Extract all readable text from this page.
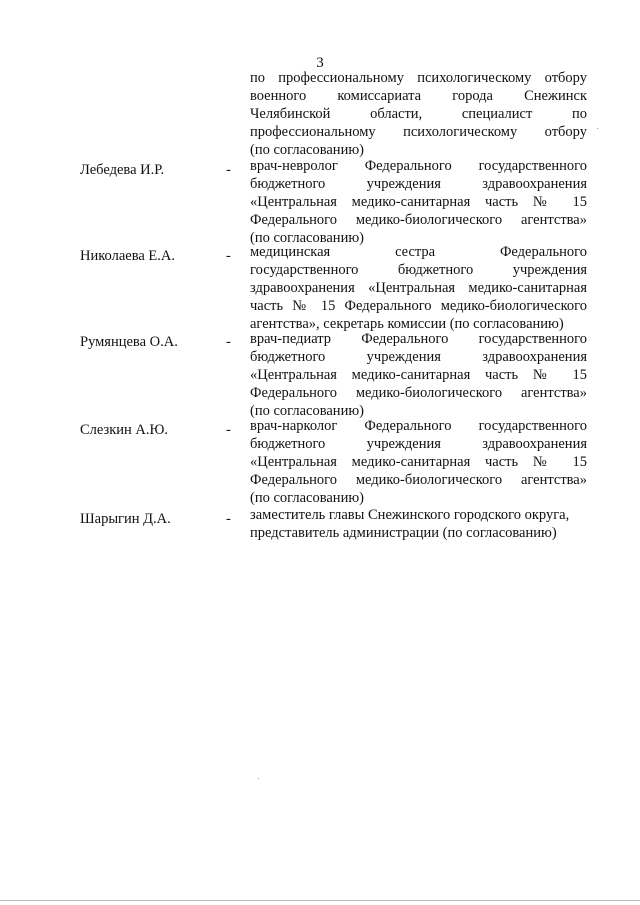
3
по профессиональному психологическому отбору
военного комиссариата города Снежинск
Челябинской области, специалист по
профессиональному психологическому отбору
(по согласованию)
Лебедева И.Р.	- врач-невролог Федерального государственного
бюджетного учреждения здравоохранения
«Центральная медико-санитарная часть № 15
Федерального медико-биологического агентства»
(по согласованию)
Николаева Е.А.	- медицинская сестра Федерального
государственного бюджетного учреждения
здравоохранения «Центральная медико-санитарная
часть № 15 Федерального медико-биологического
агентства», секретарь комиссии (по согласованию)
Румянцева О.А.	- врач-педиатр Федерального государственного
бюджетного учреждения здравоохранения
«Центральная медико-санитарная часть № 15
Федерального медико-биологического агентства»
(по согласованию)
Слезкин А.Ю.	- врач-нарколог Федерального государственного
бюджетного учреждения здравоохранения
«Центральная медико-санитарная часть № 15
Федерального медико-биологического агентства»
(по согласованию)
Шарыгин Д.А.	- заместитель главы Снежинского городского округа,
представитель администрации (по согласованию)
